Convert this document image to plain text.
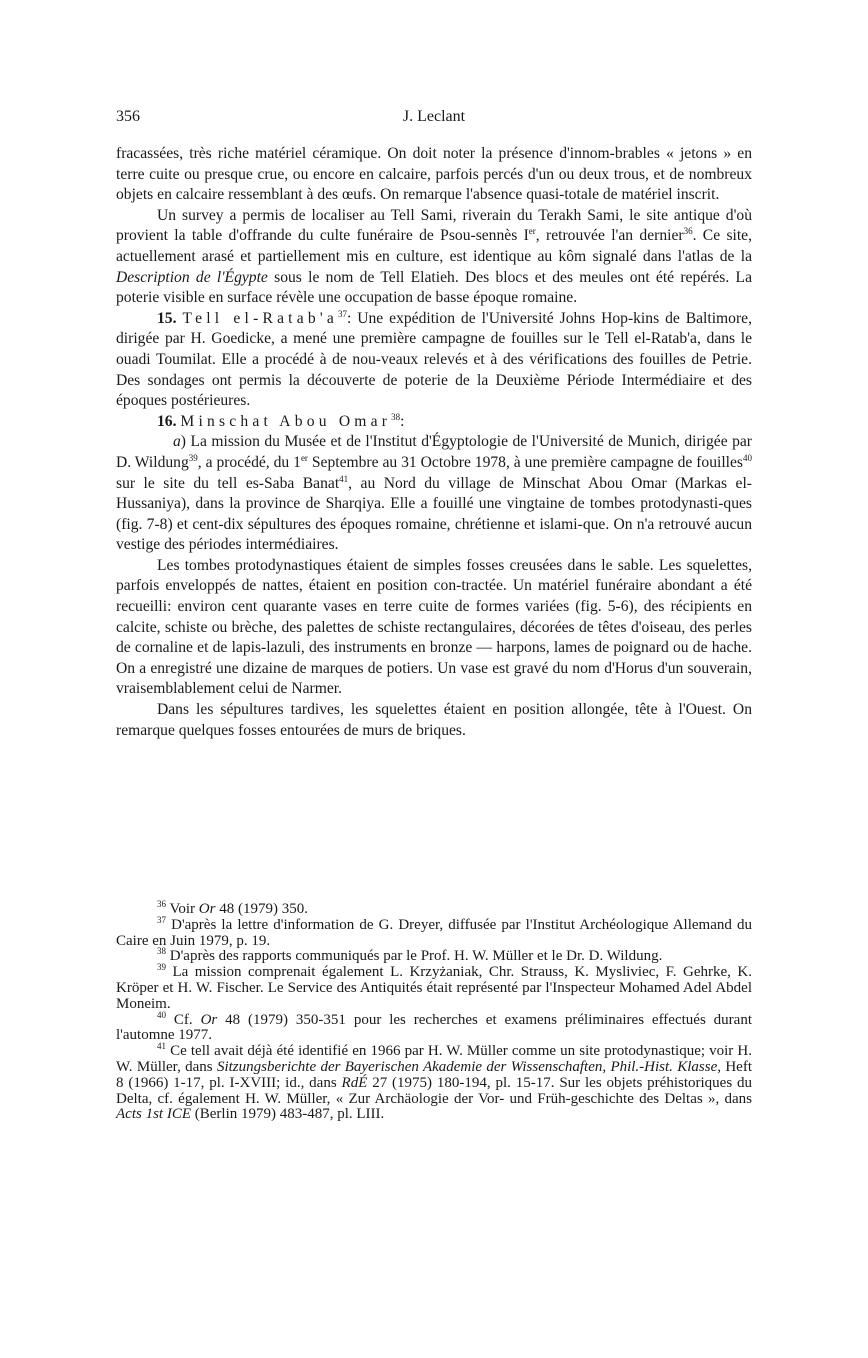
356	J. Leclant

fracassées, très riche matériel céramique. On doit noter la présence d'innom-brables « jetons » en terre cuite ou presque crue, ou encore en calcaire, parfois percés d'un ou deux trous, et de nombreux objets en calcaire ressemblant à des œufs. On remarque l'absence quasi-totale de matériel inscrit.

Un survey a permis de localiser au Tell Sami, riverain du Terakh Sami, le site antique d'où provient la table d'offrande du culte funéraire de Psou-sennès Ier, retrouvée l'an dernier$^{36}$. Ce site, actuellement arasé et partiellement mis en culture, est identique au kôm signalé dans l'atlas de la Description de l'Égypte sous le nom de Tell Elatieh. Des blocs et des meules ont été repérés. La poterie visible en surface révèle une occupation de basse époque romaine.

15. Tell $el-Ratab'a^{37}$: Une expédition de l'Université Johns Hop-kins de Baltimore, dirigée par H. Goedicke, a mené une première campagne de fouilles sur le Tell el-Ratab'a, dans le ouadi Toumilat. Elle a procédé à de nou-veaux relevés et à des vérifications des fouilles de Petrie. Des sondages ont permis la découverte de poterie de la Deuxième Période Intermédiaire et des époques postérieures.

16. Minschat Abou Omar$^{38}$:

a) La mission du Musée et de l'Institut d'Égyptologie de l'Université de Munich, dirigée par D. Wildung$^{39}$, a procédé, du 1er Septembre au 31 Octobre 1978, à une première campagne de fouilles$^{40}$ sur le site du tell es-Saba Banat$^{41}$, au Nord du village de Minschat Abou Omar (Markas el-Hussaniya), dans la province de Sharqiya. Elle a fouillé une vingtaine de tombes protodynasti-ques (fig. 7-8) et cent-dix sépultures des époques romaine, chrétienne et islami-que. On n'a retrouvé aucun vestige des périodes intermédiaires.

Les tombes protodynastiques étaient de simples fosses creusées dans le sable. Les squelettes, parfois enveloppés de nattes, étaient en position con-tractée. Un matériel funéraire abondant a été recueilli: environ cent quarante vases en terre cuite de formes variées (fig. 5-6), des récipients en calcite, schiste ou brèche, des palettes de schiste rectangulaires, décorées de têtes d'oiseau, des perles de cornaline et de lapis-lazuli, des instruments en bronze — harpons, lames de poignard ou de hache. On a enregistré une dizaine de marques de potiers. Un vase est gravé du nom d'Horus d'un souverain, vraisemblablement celui de Narmer.

Dans les sépultures tardives, les squelettes étaient en position allongée, tête à l'Ouest. On remarque quelques fosses entourées de murs de briques.

$^{36}$ Voir Or 48 (1979) 350.

$^{37}$ D'après la lettre d'information de G. Dreyer, diffusée par l'Institut Archéologique Allemand du Caire en Juin 1979, p. 19.

$^{38}$ D'après des rapports communiqués par le Prof. H. W. Müller et le Dr. D. Wildung.

$^{39}$ La mission comprenait également L. Krzyżaniak, Chr. Strauss, K. Mysliviec, F. Gehrke, K. Kröper et H. W. Fischer. Le Service des Antiquités était représenté par l'Inspecteur Mohamed Adel Abdel Moneim.

$^{40}$ Cf. Or 48 (1979) 350-351 pour les recherches et examens préliminaires effectués durant l'automne 1977.

$^{41}$ Ce tell avait déjà été identifié en 1966 par H. W. Müller comme un site protodynastique; voir H. W. Müller, dans Sitzungsberichte der Bayerischen Akademie der Wissenschaften, Phil.-Hist. Klasse, Heft 8 (1966) 1-17, pl. I-XVIII; id., dans RdÉ 27 (1975) 180-194, pl. 15-17. Sur les objets préhistoriques du Delta, cf. également H. W. Müller, « Zur Archäologie der Vor- und Früh-geschichte des Deltas », dans Acts 1st ICE (Berlin 1979) 483-487, pl. LIII.
